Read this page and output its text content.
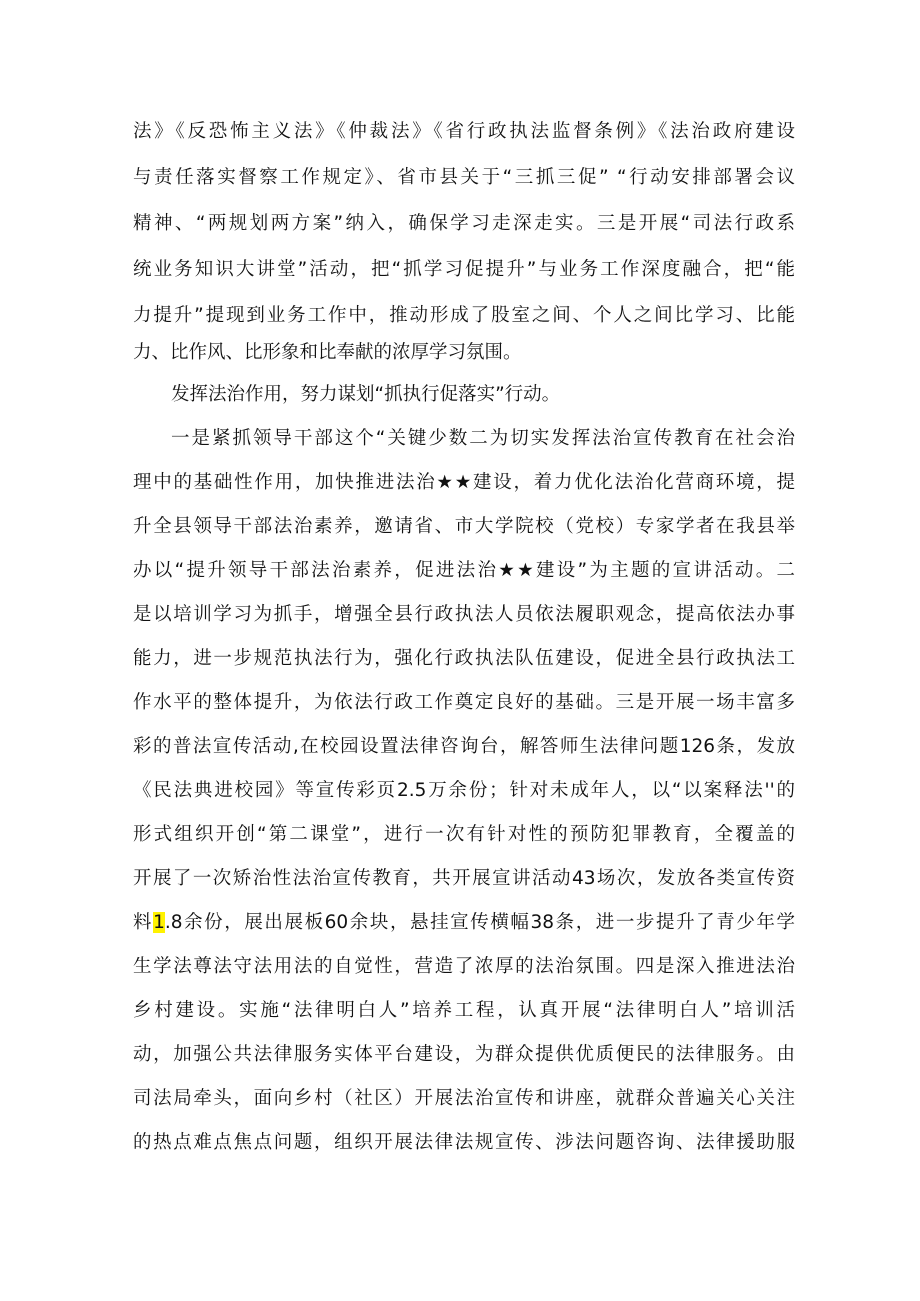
法》《反恐怖主义法》《仲裁法》《省行政执法监督条例》《法治政府建设

与责任落实督察工作规定》、省市县关于“三抓三促” “行动安排部署会议

精神、“两规划两方案”纳入，确保学习走深走实。三是开展“司法行政系

统业务知识大讲堂”活动，把“抓学习促提升”与业务工作深度融合，把“能

力提升”提现到业务工作中，推动形成了股室之间、个人之间比学习、比能

力、比作风、比形象和比奉献的浓厚学习氛围。

发挥法治作用，努力谋划“抓执行促落实”行动。

一是紧抓领导干部这个“关键少数二为切实发挥法治宣传教育在社会治

理中的基础性作用，加快推进法治★★建设，着力优化法治化营商环境，提

升全县领导干部法治素养，邀请省、市大学院校（党校）专家学者在我县举

办以“提升领导干部法治素养，促进法治★★建设”为主题的宣讲活动。二

是以培训学习为抓手，增强全县行政执法人员依法履职观念，提高依法办事

能力，进一步规范执法行为，强化行政执法队伍建设，促进全县行政执法工

作水平的整体提升，为依法行政工作奠定良好的基础。三是开展一场丰富多

彩的普法宣传活动,在校园设置法律咨询台，解答师生法律问题126条，发放

《民法典进校园》等宣传彩页2.5万余份；针对未成年人，以“以案释法''的

形式组织开创“第二课堂”，进行一次有针对性的预防犯罪教育，全覆盖的

开展了一次矫治性法治宣传教育，共开展宣讲活动43场次，发放各类宣传资

料1.8余份，展出展板60余块，悬挂宣传横幅38条，进一步提升了青少年学

生学法尊法守法用法的自觉性，营造了浓厚的法治氛围。四是深入推进法治

乡村建设。实施“法律明白人”培养工程，认真开展“法律明白人”培训活

动，加强公共法律服务实体平台建设，为群众提供优质便民的法律服务。由

司法局牵头，面向乡村（社区）开展法治宣传和讲座，就群众普遍关心关注

的热点难点焦点问题，组织开展法律法规宣传、涉法问题咨询、法律援助服
